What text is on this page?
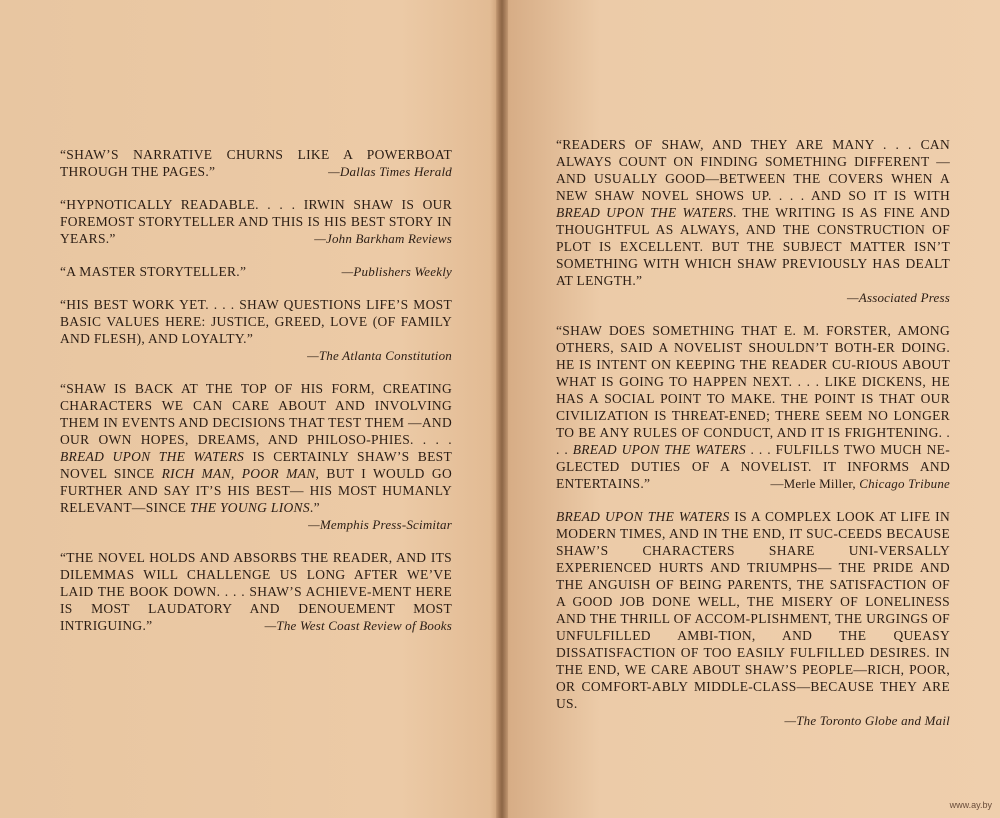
“SHAW’S NARRATIVE CHURNS LIKE A POWERBOAT THROUGH THE PAGES.”	—Dallas Times Herald
“HYPNOTICALLY READABLE. . . . IRWIN SHAW IS OUR FOREMOST STORYTELLER AND THIS IS HIS BEST STORY IN YEARS.”	—John Barkham Reviews
“A MASTER STORYTELLER.”	—Publishers Weekly
“HIS BEST WORK YET. . . . SHAW QUESTIONS LIFE’S MOST BASIC VALUES HERE: JUSTICE, GREED, LOVE (OF FAMILY AND FLESH), AND LOYALTY.”
—The Atlanta Constitution
“SHAW IS BACK AT THE TOP OF HIS FORM, CREATING CHARACTERS WE CAN CARE ABOUT AND INVOLVING THEM IN EVENTS AND DECISIONS THAT TEST THEM —AND OUR OWN HOPES, DREAMS, AND PHILOSO-PHIES. . . . BREAD UPON THE WATERS IS CERTAINLY SHAW’S BEST NOVEL SINCE RICH MAN, POOR MAN, BUT I WOULD GO FURTHER AND SAY IT’S HIS BEST— HIS MOST HUMANLY RELEVANT—SINCE THE YOUNG LIONS.”
—Memphis Press-Scimitar
“THE NOVEL HOLDS AND ABSORBS THE READER, AND ITS DILEMMAS WILL CHALLENGE US LONG AFTER WE’VE LAID THE BOOK DOWN. . . . SHAW’S ACHIEVE-MENT HERE IS MOST LAUDATORY AND DENOUEMENT MOST INTRIGUING.”	—The West Coast Review of Books
“READERS OF SHAW, AND THEY ARE MANY . . . CAN ALWAYS COUNT ON FINDING SOMETHING DIFFERENT —AND USUALLY GOOD—BETWEEN THE COVERS WHEN A NEW SHAW NOVEL SHOWS UP. . . . AND SO IT IS WITH BREAD UPON THE WATERS. THE WRITING IS AS FINE AND THOUGHTFUL AS ALWAYS, AND THE CONSTRUCTION OF PLOT IS EXCELLENT. BUT THE SUBJECT MATTER ISN’T SOMETHING WITH WHICH SHAW PREVIOUSLY HAS DEALT AT LENGTH.”
—Associated Press
“SHAW DOES SOMETHING THAT E. M. FORSTER, AMONG OTHERS, SAID A NOVELIST SHOULDN’T BOTH-ER DOING. HE IS INTENT ON KEEPING THE READER CU-RIOUS ABOUT WHAT IS GOING TO HAPPEN NEXT. . . . LIKE DICKENS, HE HAS A SOCIAL POINT TO MAKE. THE POINT IS THAT OUR CIVILIZATION IS THREAT-ENED; THERE SEEM NO LONGER TO BE ANY RULES OF CONDUCT, AND IT IS FRIGHTENING. . . . BREAD UPON THE WATERS . . . FULFILLS TWO MUCH NE-GLECTED DUTIES OF A NOVELIST. IT INFORMS AND ENTERTAINS.”	—Merle Miller, Chicago Tribune
BREAD UPON THE WATERS IS A COMPLEX LOOK AT LIFE IN MODERN TIMES, AND IN THE END, IT SUC-CEEDS BECAUSE SHAW’S CHARACTERS SHARE UNI-VERSALLY EXPERIENCED HURTS AND TRIUMPHS— THE PRIDE AND THE ANGUISH OF BEING PARENTS, THE SATISFACTION OF A GOOD JOB DONE WELL, THE MISERY OF LONELINESS AND THE THRILL OF ACCOM-PLISHMENT, THE URGINGS OF UNFULFILLED AMBI-TION, AND THE QUEASY DISSATISFACTION OF TOO EASILY FULFILLED DESIRES. IN THE END, WE CARE ABOUT SHAW’S PEOPLE—RICH, POOR, OR COMFORT-ABLY MIDDLE-CLASS—BECAUSE THEY ARE US.
—The Toronto Globe and Mail
www.ay.by
